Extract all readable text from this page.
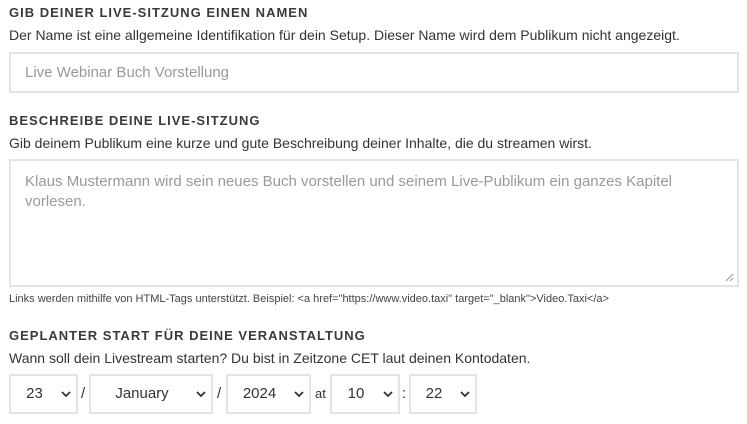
GIB DEINER LIVE-SITZUNG EINEN NAMEN

Der Name ist eine allgemeine Identifikation für dein Setup. Dieser Name wird dem Publikum nicht angezeigt.

Live Webinar Buch Vorstellung
BESCHREIBE DEINE LIVE-SITZUNG

Gib deinem Publikum eine kurze und gute Beschreibung deiner Inhalte, die du streamen wirst.

Klaus Mustermann wird sein neues Buch vorstellen und seinem Live-Publikum ein ganzes Kapitel vorlesen.
Links werden mithilfe von HTML-Tags unterstützt. Beispiel: <a href="https://www.video.taxi" target="_blank">Video.Taxi</a>
GEPLANTER START FÜR DEINE VERANSTALTUNG

Wann soll dein Livestream starten? Du bist in Zeitzone CET laut deinen Kontodaten.

23	/	January	/	2024	at	10	:	22
